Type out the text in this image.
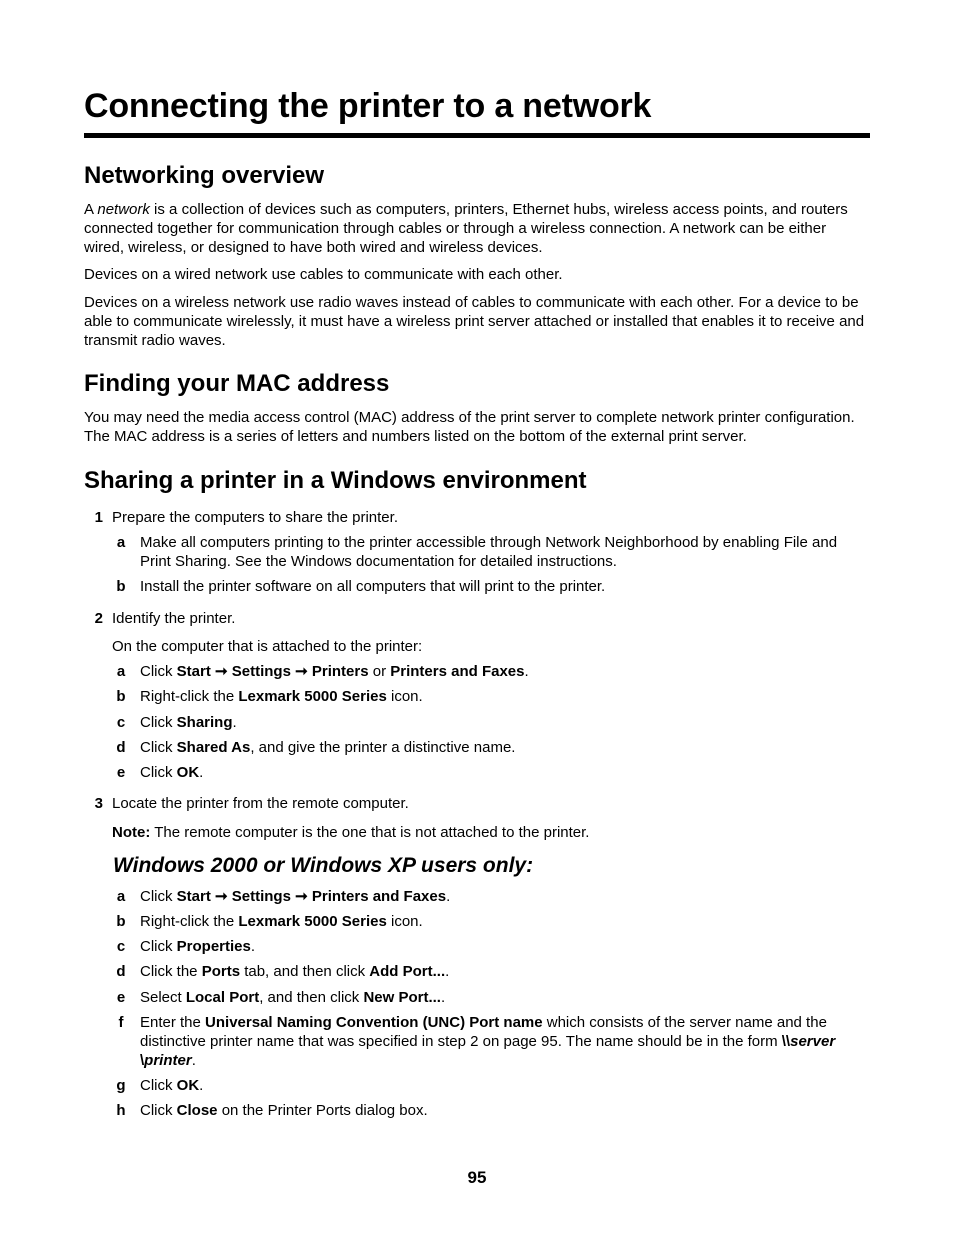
Connecting the printer to a network
Networking overview

A network is a collection of devices such as computers, printers, Ethernet hubs, wireless access points, and routers connected together for communication through cables or through a wireless connection. A network can be either wired, wireless, or designed to have both wired and wireless devices.

Devices on a wired network use cables to communicate with each other.

Devices on a wireless network use radio waves instead of cables to communicate with each other. For a device to be able to communicate wirelessly, it must have a wireless print server attached or installed that enables it to receive and transmit radio waves.

Finding your MAC address

You may need the media access control (MAC) address of the print server to complete network printer configuration. The MAC address is a series of letters and numbers listed on the bottom of the external print server.

Sharing a printer in a Windows environment
1 Prepare the computers to share the printer.
a Make all computers printing to the printer accessible through Network Neighborhood by enabling File and Print Sharing. See the Windows documentation for detailed instructions.
b Install the printer software on all computers that will print to the printer.
2 Identify the printer.
On the computer that is attached to the printer:
a Click Start ➞ Settings ➞ Printers or Printers and Faxes.
b Right-click the Lexmark 5000 Series icon.
c Click Sharing.
d Click Shared As, and give the printer a distinctive name.
e Click OK.
3 Locate the printer from the remote computer.
Note: The remote computer is the one that is not attached to the printer.
Windows 2000 or Windows XP users only:
a Click Start ➞ Settings ➞ Printers and Faxes.
b Right-click the Lexmark 5000 Series icon.
c Click Properties.
d Click the Ports tab, and then click Add Port....
e Select Local Port, and then click New Port....
f Enter the Universal Naming Convention (UNC) Port name which consists of the server name and the distinctive printer name that was specified in step 2 on page 95. The name should be in the form \\server \printer.
g Click OK.
h Click Close on the Printer Ports dialog box.
95
